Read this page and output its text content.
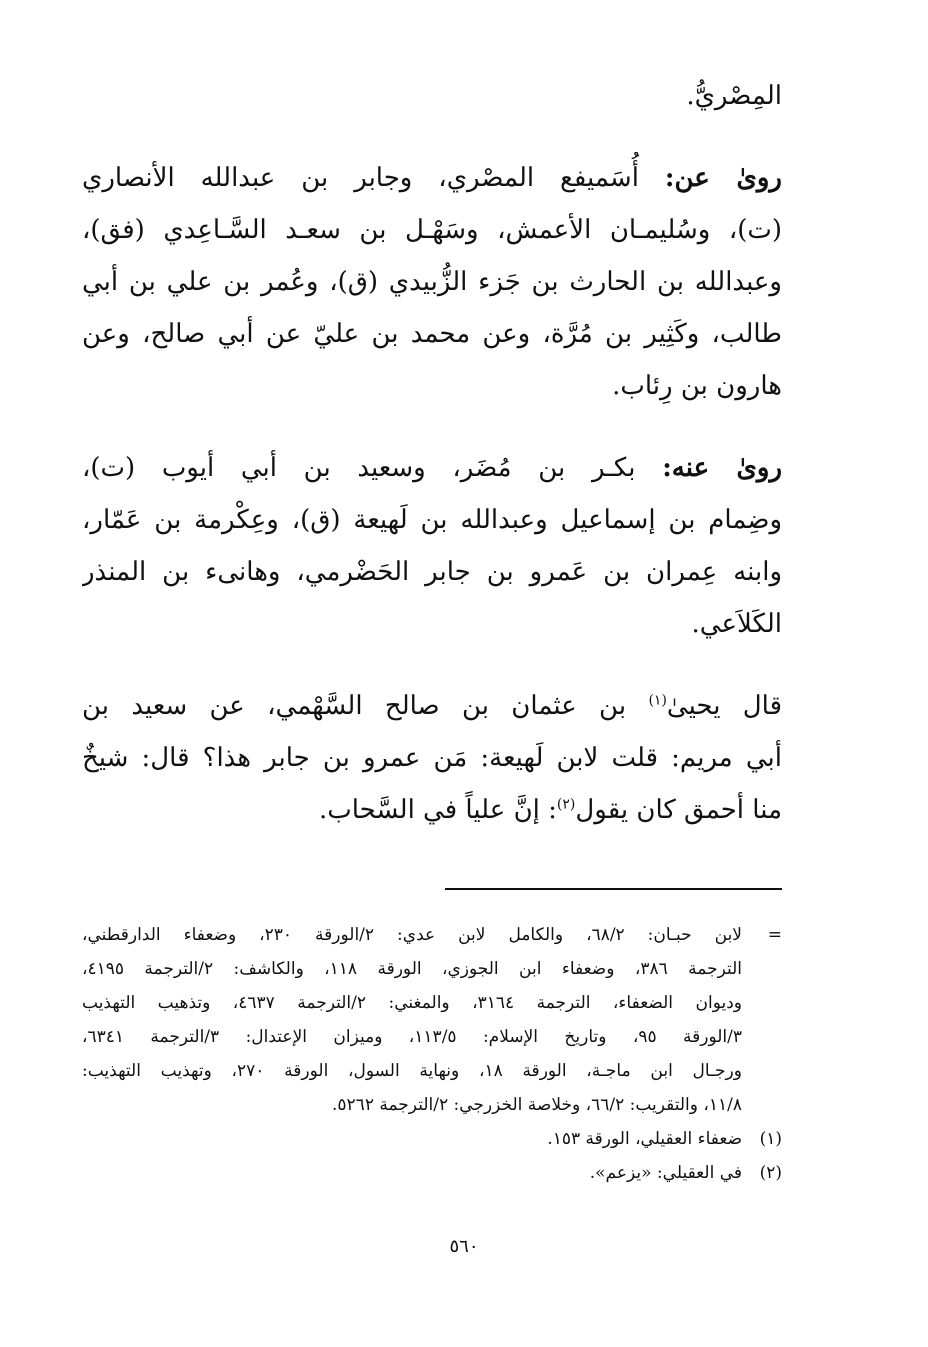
المِصْريُّ.
روىٰ عن: أُسَميفع المصْري، وجابر بن عبدالله الأنصاري
(ت)، وسُليمـان الأعمش، وسَهْـل بن سعـد السَّـاعِدي (فق)،
وعبدالله بن الحارث بن جَزء الزُّبيدي (ق)، وعُمر بن علي بن أبي
طالب، وكَثِير بن مُرَّة، وعن محمد بن عليّ عن أبي صالح، وعن
هارون بن رِئاب.
روىٰ عنه: بكـر بن مُضَر، وسعيد بن أبي أيوب (ت)،
وضِمام بن إسماعيل وعبدالله بن لَهيعة (ق)، وعِكْرمة بن عَمّار،
وابنه عِمران بن عَمرو بن جابر الحَضْرمي، وهانىء بن المنذر
الكَلاَعي.
قال يحيىٰ$^{(١)}$ بن عثمان بن صالح السَّهْمي، عن سعيد بن
أبي مريم: قلت لابن لَهيعة: مَن عمرو بن جابر هذا؟ قال: شيخٌ
منا أحمق كان يقول$^{(٢)}$: إنَّ علياً في السَّحاب.
=
لابن حبـان: ٦٨/٢، والكامل لابن عدي: ٢/الورقة ٢٣٠، وضعفاء الدارقطني،
الترجمة ٣٨٦، وضعفاء ابن الجوزي، الورقة ١١٨، والكاشف: ٢/الترجمة ٤١٩٥،
وديوان الضعفاء، الترجمة ٣١٦٤، والمغني: ٢/الترجمة ٤٦٣٧، وتذهيب التهذيب
٣/الورقة ٩٥، وتاريخ الإسلام: ١١٣/٥، وميزان الإعتدال: ٣/الترجمة ٦٣٤١،
ورجـال ابن ماجـة، الورقة ١٨، ونهاية السول، الورقة ٢٧٠، وتهذيب التهذيب:
١١/٨، والتقريب: ٦٦/٢، وخلاصة الخزرجي: ٢/الترجمة ٥٢٦٢.
(١)
ضعفاء العقيلي، الورقة ١٥٣.
(٢)
في العقيلي: «يزعم».
٥٦٠
